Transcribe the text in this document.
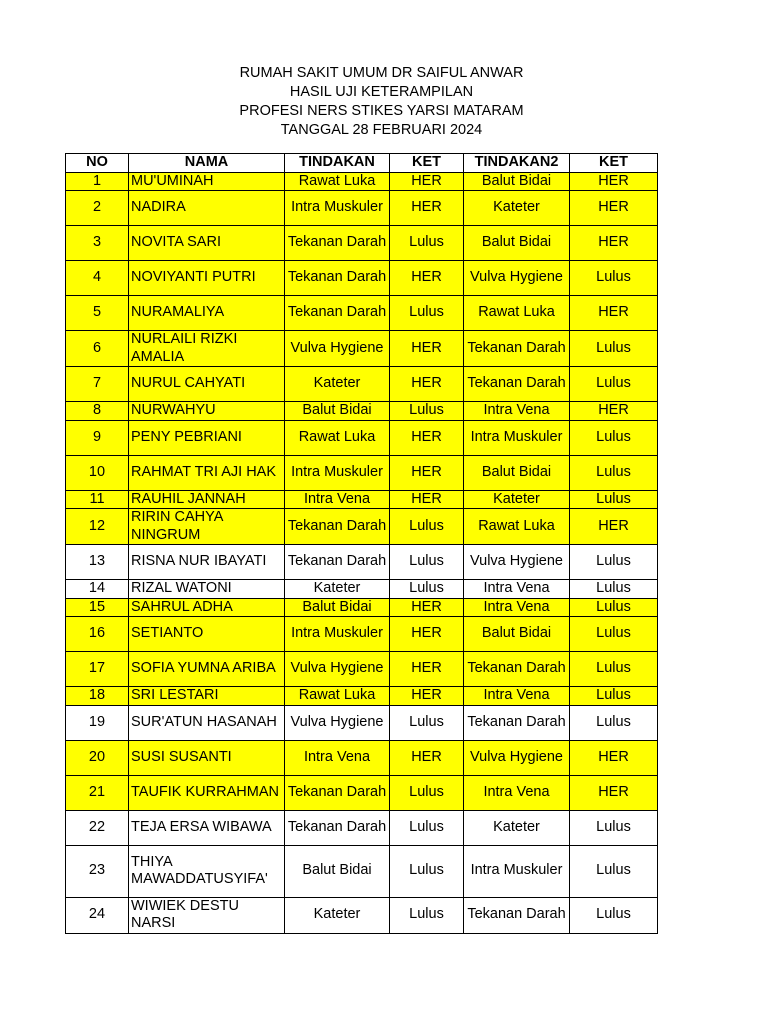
RUMAH SAKIT UMUM DR SAIFUL ANWAR
HASIL UJI KETERAMPILAN
PROFESI NERS STIKES YARSI MATARAM
TANGGAL 28 FEBRUARI 2024
NO	NAMA	TINDAKAN	KET	TINDAKAN2	KET
1	MU'UMINAH	Rawat Luka	HER	Balut Bidai	HER
2	NADIRA	Intra Muskuler	HER	Kateter	HER
3	NOVITA SARI	Tekanan Darah	Lulus	Balut Bidai	HER
4	NOVIYANTI PUTRI	Tekanan Darah	HER	Vulva Hygiene	Lulus
5	NURAMALIYA	Tekanan Darah	Lulus	Rawat Luka	HER
6	NURLAILI RIZKI AMALIA	Vulva Hygiene	HER	Tekanan Darah	Lulus
7	NURUL CAHYATI	Kateter	HER	Tekanan Darah	Lulus
8	NURWAHYU	Balut Bidai	Lulus	Intra Vena	HER
9	PENY PEBRIANI	Rawat Luka	HER	Intra Muskuler	Lulus
10	RAHMAT TRI AJI HAK	Intra Muskuler	HER	Balut Bidai	Lulus
11	RAUHIL JANNAH	Intra Vena	HER	Kateter	Lulus
12	RIRIN CAHYA NINGRUM	Tekanan Darah	Lulus	Rawat Luka	HER
13	RISNA NUR IBAYATI	Tekanan Darah	Lulus	Vulva Hygiene	Lulus
14	RIZAL WATONI	Kateter	Lulus	Intra Vena	Lulus
15	SAHRUL ADHA	Balut Bidai	HER	Intra Vena	Lulus
16	SETIANTO	Intra Muskuler	HER	Balut Bidai	Lulus
17	SOFIA YUMNA ARIBA	Vulva Hygiene	HER	Tekanan Darah	Lulus
18	SRI LESTARI	Rawat Luka	HER	Intra Vena	Lulus
19	SUR'ATUN HASANAH	Vulva Hygiene	Lulus	Tekanan Darah	Lulus
20	SUSI SUSANTI	Intra Vena	HER	Vulva Hygiene	HER
21	TAUFIK KURRAHMAN	Tekanan Darah	Lulus	Intra Vena	HER
22	TEJA ERSA WIBAWA	Tekanan Darah	Lulus	Kateter	Lulus
23	THIYA MAWADDATUSYIFA'	Balut Bidai	Lulus	Intra Muskuler	Lulus
24	WIWIEK DESTU NARSI	Kateter	Lulus	Tekanan Darah	Lulus
